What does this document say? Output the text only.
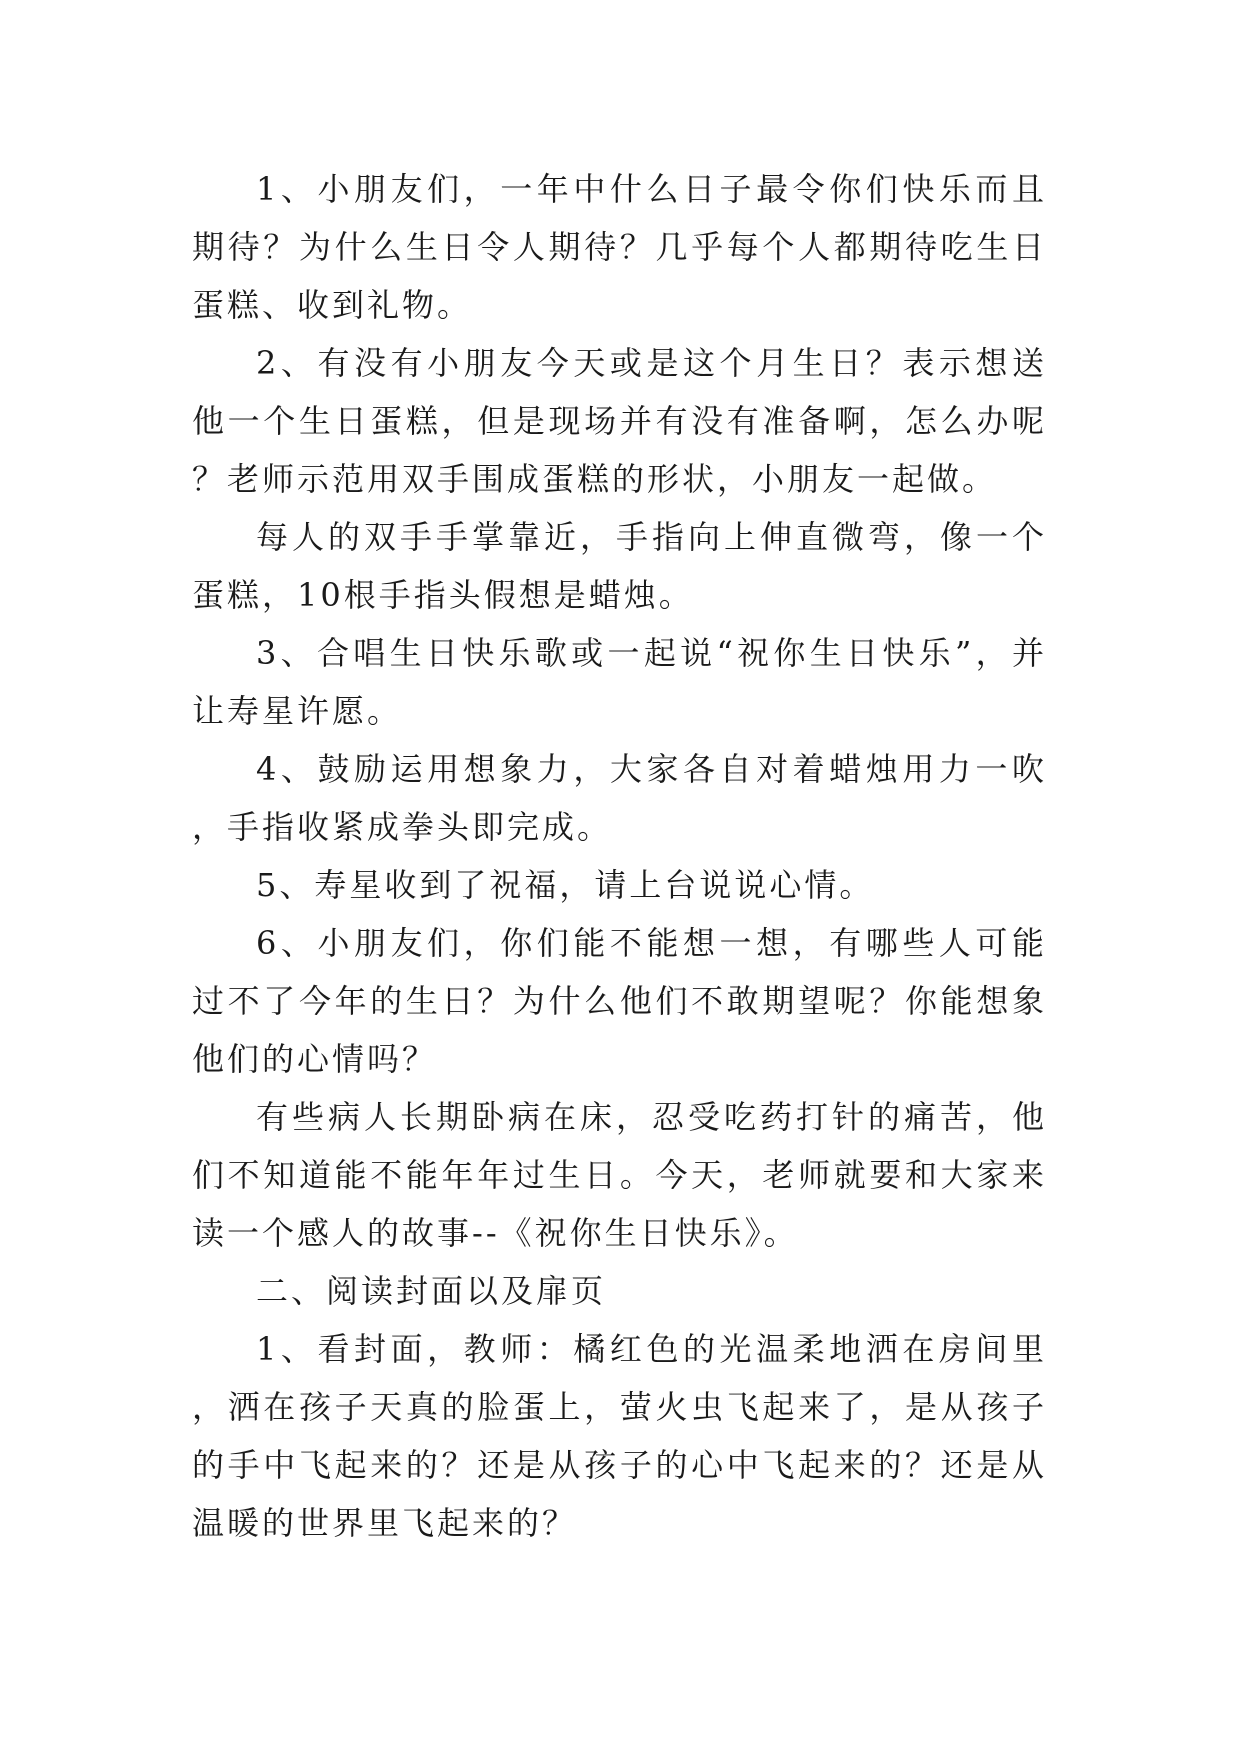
1、小朋友们，一年中什么日子最令你们快乐而且期待？为什么生日令人期待？几乎每个人都期待吃生日蛋糕、收到礼物。

2、有没有小朋友今天或是这个月生日？表示想送他一个生日蛋糕，但是现场并有没有准备啊，怎么办呢？老师示范用双手围成蛋糕的形状，小朋友一起做。

每人的双手手掌靠近，手指向上伸直微弯，像一个蛋糕，10根手指头假想是蜡烛。

3、合唱生日快乐歌或一起说“祝你生日快乐”，并让寿星许愿。

4、鼓励运用想象力，大家各自对着蜡烛用力一吹，手指收紧成拳头即完成。

5、寿星收到了祝福，请上台说说心情。

6、小朋友们，你们能不能想一想，有哪些人可能过不了今年的生日？为什么他们不敢期望呢？你能想象他们的心情吗？

有些病人长期卧病在床，忍受吃药打针的痛苦，他们不知道能不能年年过生日。今天，老师就要和大家来读一个感人的故事--《祝你生日快乐》。

二、阅读封面以及扉页

1、看封面，教师：橘红色的光温柔地洒在房间里，洒在孩子天真的脸蛋上，萤火虫飞起来了，是从孩子的手中飞起来的？还是从孩子的心中飞起来的？还是从温暖的世界里飞起来的？
